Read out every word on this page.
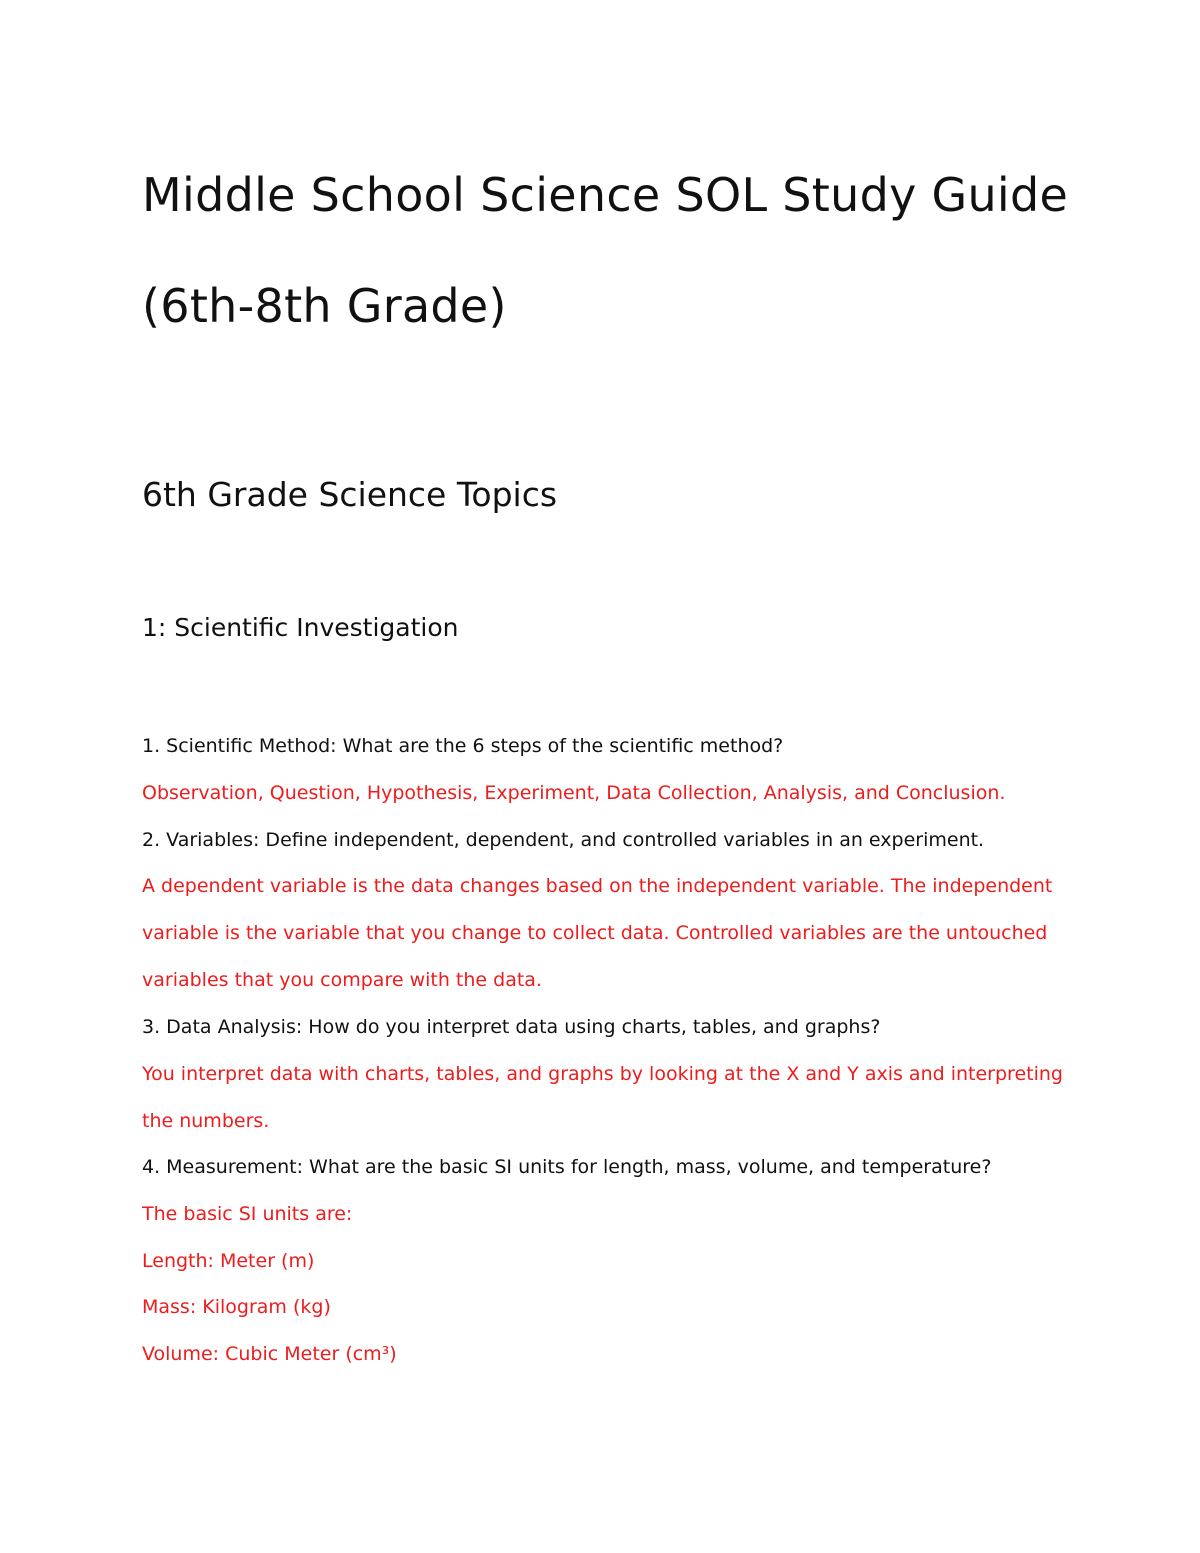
Middle School Science SOL Study Guide
(6th-8th Grade)
6th Grade Science Topics
1: Scientific Investigation
1. Scientific Method: What are the 6 steps of the scientific method?
Observation, Question, Hypothesis, Experiment, Data Collection, Analysis, and Conclusion.
2. Variables: Define independent, dependent, and controlled variables in an experiment.
A dependent variable is the data changes based on the independent variable. The independent
variable is the variable that you change to collect data. Controlled variables are the untouched
variables that you compare with the data.
3. Data Analysis: How do you interpret data using charts, tables, and graphs?
You interpret data with charts, tables, and graphs by looking at the X and Y axis and interpreting
the numbers.
4. Measurement: What are the basic SI units for length, mass, volume, and temperature?
The basic SI units are:
Length: Meter (m)
Mass: Kilogram (kg)
Volume: Cubic Meter (cm³)
